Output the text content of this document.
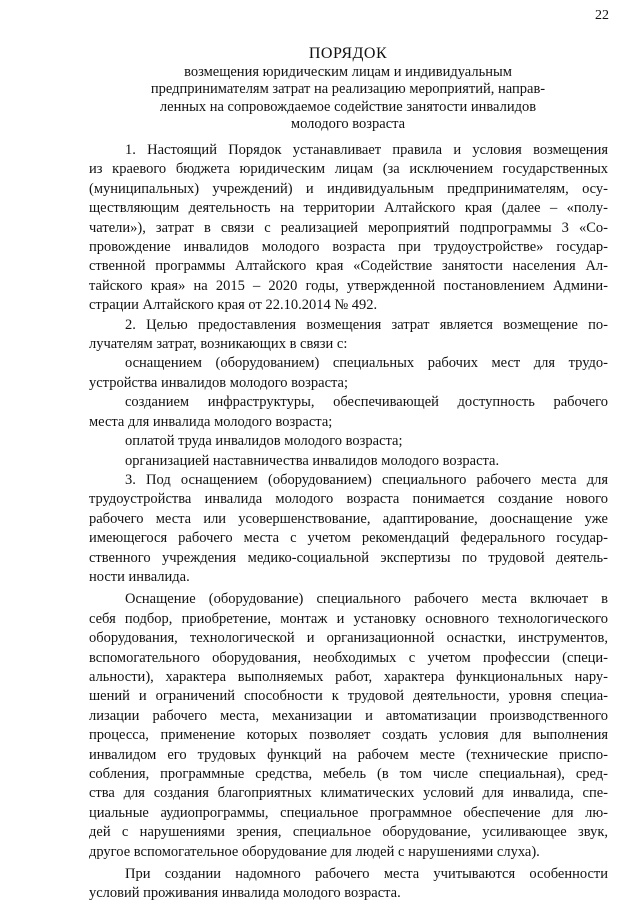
22
ПОРЯДОК
возмещения юридическим лицам и индивидуальным
предпринимателям затрат на реализацию мероприятий, направ-
ленных на сопровождаемое содействие занятости инвалидов
молодого возраста
1. Настоящий Порядок устанавливает правила и условия возмещения
из краевого бюджета юридическим лицам (за исключением государственных
(муниципальных) учреждений) и индивидуальным предпринимателям, осу-
ществляющим деятельность на территории Алтайского края (далее – «полу-
чатели»), затрат в связи с реализацией мероприятий подпрограммы 3 «Со-
провождение инвалидов молодого возраста при трудоустройстве» государ-
ственной программы Алтайского края «Содействие занятости населения Ал-
тайского края» на 2015 – 2020 годы, утвержденной постановлением Админи-
страции Алтайского края от 22.10.2014 № 492.
2. Целью предоставления возмещения затрат является возмещение по-
лучателям затрат, возникающих в связи с:
оснащением (оборудованием) специальных рабочих мест для трудо-
устройства инвалидов молодого возраста;
созданием инфраструктуры, обеспечивающей доступность рабочего
места для инвалида молодого возраста;
оплатой труда инвалидов молодого возраста;
организацией наставничества инвалидов молодого возраста.
3. Под оснащением (оборудованием) специального рабочего места для
трудоустройства инвалида молодого возраста понимается создание нового
рабочего места или усовершенствование, адаптирование, дооснащение уже
имеющегося рабочего места с учетом рекомендаций федерального государ-
ственного учреждения медико-социальной экспертизы по трудовой деятель-
ности инвалида.
Оснащение (оборудование) специального рабочего места включает в
себя подбор, приобретение, монтаж и установку основного технологического
оборудования, технологической и организационной оснастки, инструментов,
вспомогательного оборудования, необходимых с учетом профессии (специ-
альности), характера выполняемых работ, характера функциональных нару-
шений и ограничений способности к трудовой деятельности, уровня специа-
лизации рабочего места, механизации и автоматизации производственного
процесса, применение которых позволяет создать условия для выполнения
инвалидом его трудовых функций на рабочем месте (технические приспо-
собления, программные средства, мебель (в том числе специальная), сред-
ства для создания благоприятных климатических условий для инвалида, спе-
циальные аудиопрограммы, специальное программное обеспечение для лю-
дей с нарушениями зрения, специальное оборудование, усиливающее звук,
другое вспомогательное оборудование для людей с нарушениями слуха).
При создании надомного рабочего места учитываются особенности
условий проживания инвалида молодого возраста.
